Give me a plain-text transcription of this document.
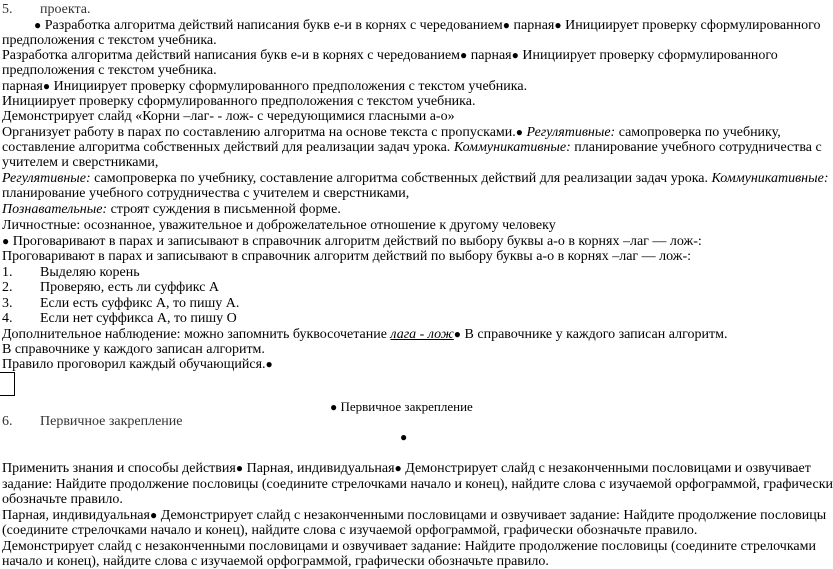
5. проекта.
● Разработка алгоритма действий написания букв е-и в корнях с чередованием● парная● Инициирует проверку сформулированного
предположения с текстом учебника.
Разработка алгоритма действий написания букв е-и в корнях с чередованием● парная● Инициирует проверку сформулированного
предположения с текстом учебника.
парная● Инициирует проверку сформулированного предположения с текстом учебника.
Инициирует проверку сформулированного предположения с текстом учебника.
Демонстрирует слайд «Корни –лаг- - лож- с чередующимися гласными а-о»
Организует работу в парах по составлению алгоритма на основе текста с пропусками.● Регулятивные: самопроверка по учебнику,
составление алгоритма собственных действий для реализации задач урока. Коммуникативные: планирование учебного сотрудничества с
учителем и сверстниками,
Регулятивные: самопроверка по учебнику, составление алгоритма собственных действий для реализации задач урока. Коммуникативные:
планирование учебного сотрудничества с учителем и сверстниками,
Познавательные: строят суждения в письменной форме.
Личностные: осознанное, уважительное и доброжелательное отношение к другому человеку
● Проговаривают в парах и записывают в справочник алгоритм действий по выбору буквы а-о в корнях –лаг — лож-:
Проговаривают в парах и записывают в справочник алгоритм действий по выбору буквы а-о в корнях –лаг — лож-:
1. Выделяю корень
2. Проверяю, есть ли суффикс А
3. Если есть суффикс А, то пишу А.
4. Если нет суффикса А, то пишу О
Дополнительное наблюдение: можно запомнить буквосочетание лага - лож● В справочнике у каждого записан алгоритм.
В справочнике у каждого записан алгоритм.
Правило проговорил каждый обучающийся.●
● Первичное закрепление
6. Первичное закрепление
●
Применить знания и способы действия● Парная, индивидуальная● Демонстрирует слайд с незаконченными пословицами и озвучивает
задание: Найдите продолжение пословицы (соедините стрелочками начало и конец), найдите слова с изучаемой орфограммой, графически
обозначьте правило.
Парная, индивидуальная● Демонстрирует слайд с незаконченными пословицами и озвучивает задание: Найдите продолжение пословицы
(соедините стрелочками начало и конец), найдите слова с изучаемой орфограммой, графически обозначьте правило.
Демонстрирует слайд с незаконченными пословицами и озвучивает задание: Найдите продолжение пословицы (соедините стрелочками
начало и конец), найдите слова с изучаемой орфограммой, графически обозначьте правило.
